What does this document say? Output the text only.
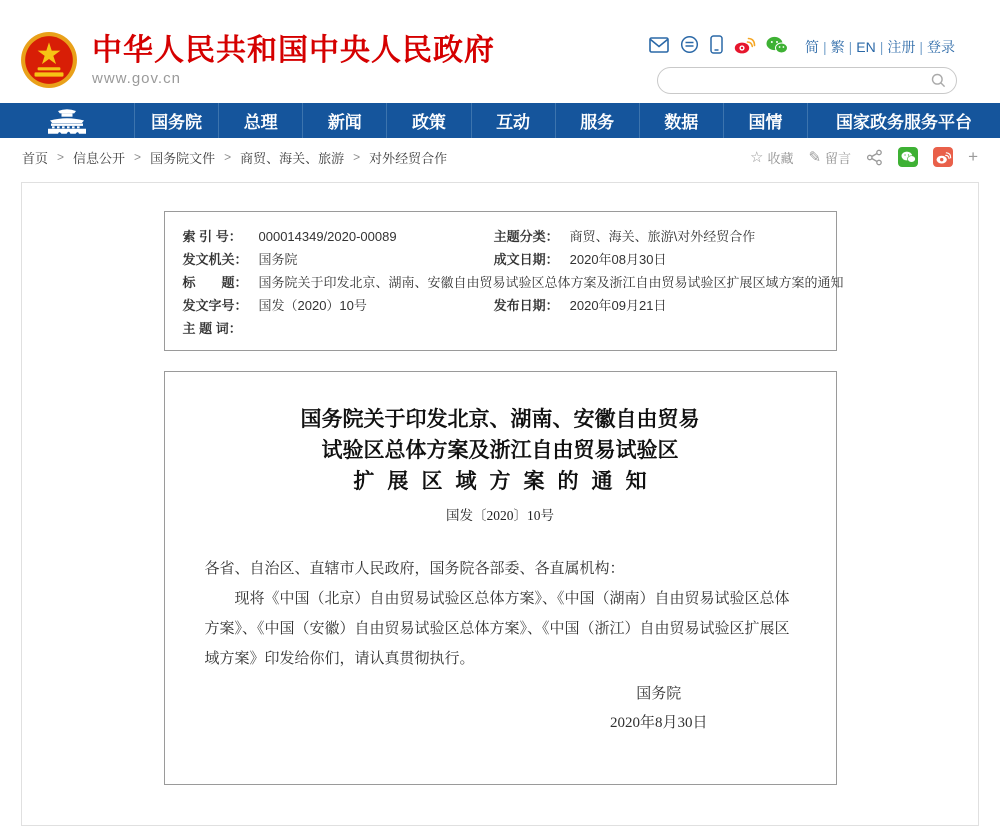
中华人民共和国中央人民政府
www.gov.cn
简 | 繁 | EN | 注册 | 登录
国务院	总理	新闻	政策	互动	服务	数据	国情	国家政务服务平台
首页 > 信息公开 > 国务院文件 > 商贸、海关、旅游 > 对外经贸合作	☆ 收藏 ✎ 留言	+
索 引 号：	000014349/2020-00089	主题分类： 商贸、海关、旅游\对外经贸合作
发文机关： 国务院	成文日期： 2020年08月30日
标　　题： 国务院关于印发北京、湖南、安徽自由贸易试验区总体方案及浙江自由贸易试验区扩展区域方案的通知
发文字号： 国发（2020）10号	发布日期： 2020年09月21日
主 题 词：
国务院关于印发北京、湖南、安徽自由贸易
试验区总体方案及浙江自由贸易试验区
扩展区域方案的通知
国发〔2020〕10号
各省、自治区、直辖市人民政府，国务院各部委、各直属机构：
现将《中国（北京）自由贸易试验区总体方案》、《中国（湖南）自由贸易试验区总体方案》、《中国（安徽）自由贸易试验区总体方案》、《中国（浙江）自由贸易试验区扩展区域方案》印发给你们，请认真贯彻执行。
国务院
2020年8月30日
